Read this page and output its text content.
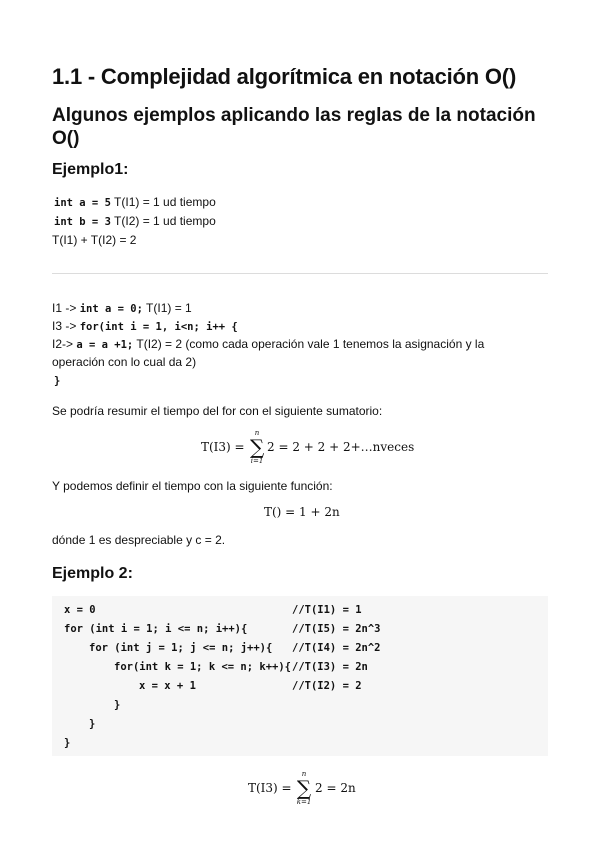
1.1 - Complejidad algorítmica en notación O()
Algunos ejemplos aplicando las reglas de la notación O()
Ejemplo1:
int a = 5 T(I1) = 1 ud tiempo
int b = 3 T(I2) = 1 ud tiempo
T(I1) + T(I2) = 2
I1 -> int a = 0; T(I1) = 1
I3 -> for(int i = 1, i<n; i++ {
I2-> a = a +1; T(I2) = 2 (como cada operación vale 1 tenemos la asignación y la
operación con lo cual da 2)
}
Se podría resumir el tiempo del for con el siguiente sumatorio:
T(I3) =
n
∑
i=1
2 = 2 + 2 + 2+…nveces
Y podemos definir el tiempo con la siguiente función:
T() = 1 + 2n
dónde 1 es despreciable y c = 2.
Ejemplo 2:
x = 0	//T(I1) = 1
for (int i = 1; i <= n; i++){	//T(I5) = 2n^3
for (int j = 1; j <= n; j++){ //T(I4) = 2n^2
for(int k = 1; k <= n; k++){ //T(I3) = 2n
x = x + 1	//T(I2) = 2
}
}
}
T(I3) =
n
∑
k=1
2 = 2n
